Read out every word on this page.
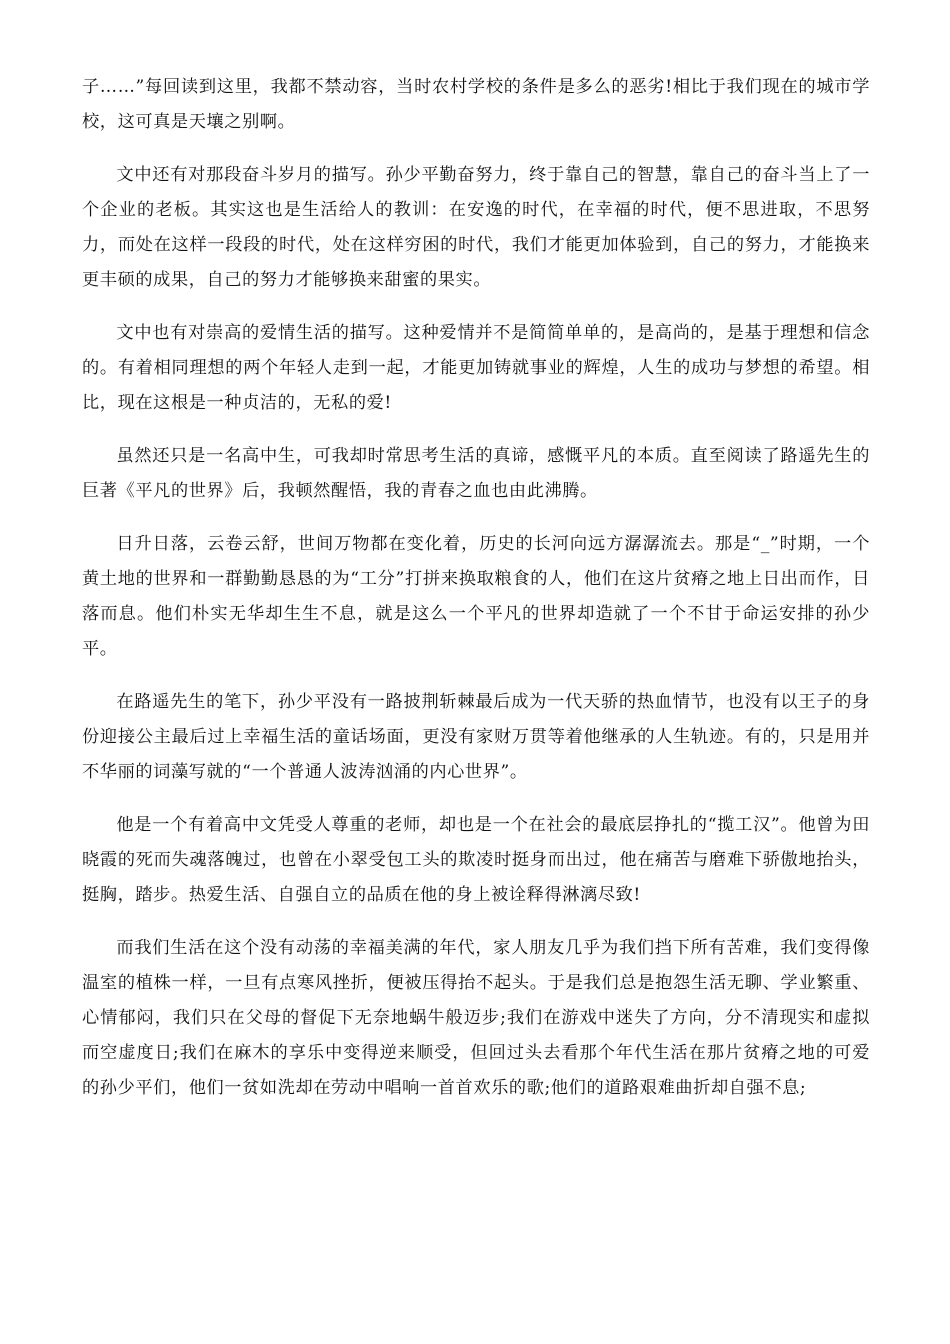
子……”每回读到这里，我都不禁动容，当时农村学校的条件是多么的恶劣!相比于我们现在的城市学校，这可真是天壤之别啊。

文中还有对那段奋斗岁月的描写。孙少平勤奋努力，终于靠自己的智慧，靠自己的奋斗当上了一个企业的老板。其实这也是生活给人的教训：在安逸的时代，在幸福的时代，便不思进取，不思努力，而处在这样一段段的时代，处在这样穷困的时代，我们才能更加体验到，自己的努力，才能换来更丰硕的成果，自己的努力才能够换来甜蜜的果实。

文中也有对崇高的爱情生活的描写。这种爱情并不是简简单单的，是高尚的，是基于理想和信念的。有着相同理想的两个年轻人走到一起，才能更加铸就事业的辉煌，人生的成功与梦想的希望。相比，现在这根是一种贞洁的，无私的爱!

虽然还只是一名高中生，可我却时常思考生活的真谛，感慨平凡的本质。直至阅读了路遥先生的巨著《平凡的世界》后，我顿然醒悟，我的青春之血也由此沸腾。

日升日落，云卷云舒，世间万物都在变化着，历史的长河向远方潺潺流去。那是“_”时期，一个黄土地的世界和一群勤勤恳恳的为“工分”打拼来换取粮食的人，他们在这片贫瘠之地上日出而作，日落而息。他们朴实无华却生生不息，就是这么一个平凡的世界却造就了一个不甘于命运安排的孙少平。

在路遥先生的笔下，孙少平没有一路披荆斩棘最后成为一代天骄的热血情节，也没有以王子的身份迎接公主最后过上幸福生活的童话场面，更没有家财万贯等着他继承的人生轨迹。有的，只是用并不华丽的词藻写就的“一个普通人波涛汹涌的内心世界”。

他是一个有着高中文凭受人尊重的老师，却也是一个在社会的最底层挣扎的“揽工汉”。他曾为田晓霞的死而失魂落魄过，也曾在小翠受包工头的欺凌时挺身而出过，他在痛苦与磨难下骄傲地抬头，挺胸，踏步。热爱生活、自强自立的品质在他的身上被诠释得淋漓尽致!

而我们生活在这个没有动荡的幸福美满的年代，家人朋友几乎为我们挡下所有苦难，我们变得像温室的植株一样，一旦有点寒风挫折，便被压得抬不起头。于是我们总是抱怨生活无聊、学业繁重、心情郁闷，我们只在父母的督促下无奈地蜗牛般迈步;我们在游戏中迷失了方向，分不清现实和虚拟而空虚度日;我们在麻木的享乐中变得逆来顺受，但回过头去看那个年代生活在那片贫瘠之地的可爱的孙少平们，他们一贫如洗却在劳动中唱响一首首欢乐的歌;他们的道路艰难曲折却自强不息;
